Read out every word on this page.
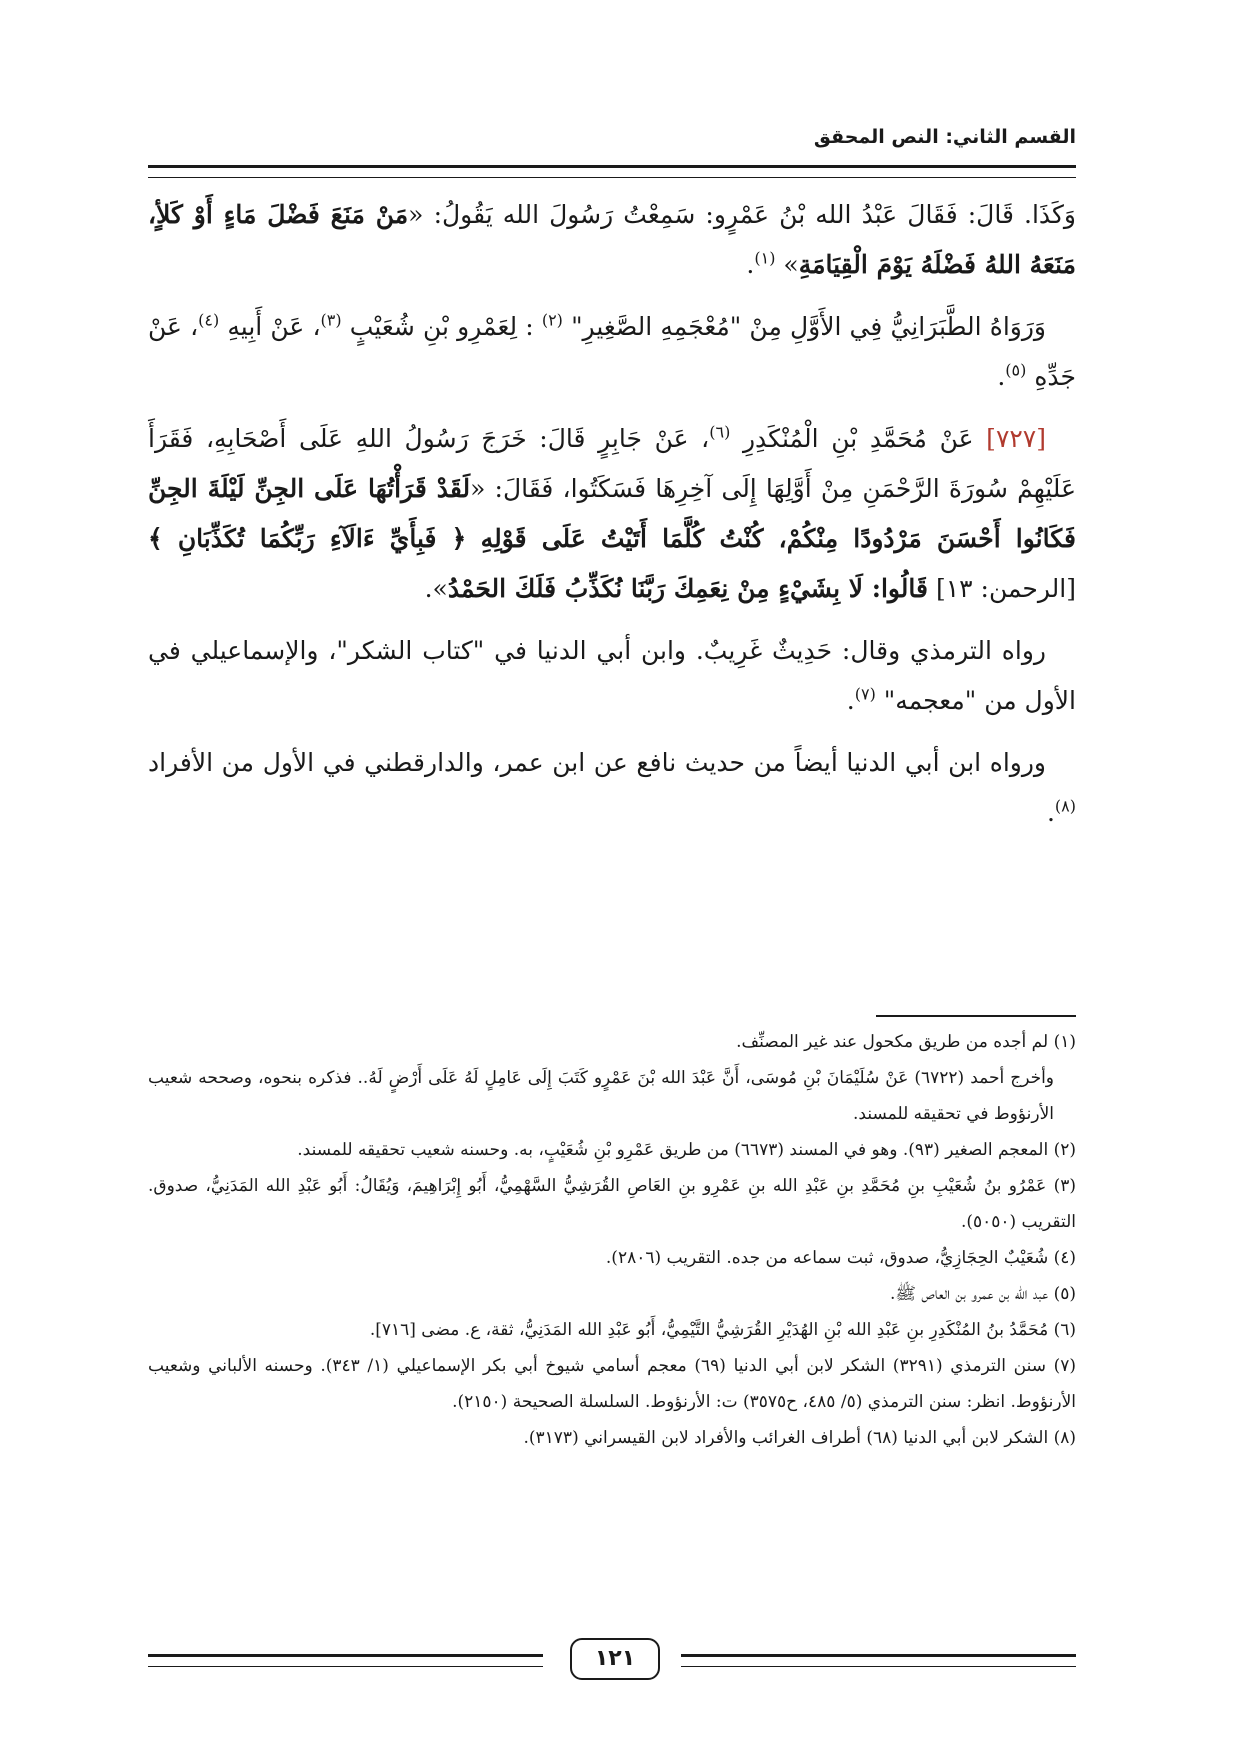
القسم الثاني: النص المحقق

وَكَذَا. قَالَ: فَقَالَ عَبْدُ الله بْنُ عَمْرٍو: سَمِعْتُ رَسُولَ الله يَقُولُ: «مَنْ مَنَعَ فَضْلَ مَاءٍ أَوْ كَلأٍ، مَنَعَهُ اللهُ فَضْلَهُ يَوْمَ الْقِيَامَةِ» $^{(١)}$.

وَرَوَاهُ الطَّبَرَانِيُّ فِي الأَوَّلِ مِنْ "مُعْجَمِهِ الصَّغِيرِ" $^{(٢)}$ : لِعَمْرِو بْنِ شُعَيْبٍ $^{(٣)}$، عَنْ أَبِيهِ $^{(٤)}$، عَنْ جَدِّهِ $^{(٥)}$.

[٧٢٧] عَنْ مُحَمَّدِ بْنِ الْمُنْكَدِرِ $^{(٦)}$، عَنْ جَابِرٍ قَالَ: خَرَجَ رَسُولُ اللهِ عَلَى أَصْحَابِهِ، فَقَرَأَ عَلَيْهِمْ سُورَةَ الرَّحْمَنِ مِنْ أَوَّلِهَا إِلَى آخِرِهَا فَسَكَتُوا، فَقَالَ: «لَقَدْ قَرَأْتُهَا عَلَى الجِنِّ لَيْلَةَ الجِنِّ فَكَانُوا أَحْسَنَ مَرْدُودًا مِنْكُمْ، كُنْتُ كُلَّمَا أَتَيْتُ عَلَى قَوْلِهِ ﴿ فَبِأَيِّ ءَالَآءِ رَبِّكُمَا تُكَذِّبَانِ ﴾ [الرحمن: ١٣] قَالُوا: لَا بِشَيْءٍ مِنْ نِعَمِكَ رَبَّنَا نُكَذِّبُ فَلَكَ الحَمْدُ».

رواه الترمذي وقال: حَدِيثٌ غَرِيبٌ. وابن أبي الدنيا في "كتاب الشكر"، والإسماعيلي في الأول من "معجمه" $^{(٧)}$.

ورواه ابن أبي الدنيا أيضاً من حديث نافع عن ابن عمر، والدارقطني في الأول من الأفراد $^{(٨)}$.

(١) لم أجده من طريق مكحول عند غير المصنِّف.

وأخرج أحمد (٦٧٢٢) عَنْ سُلَيْمَانَ بْنِ مُوسَى، أَنَّ عَبْدَ الله بْنَ عَمْرٍو كَتَبَ إِلَى عَامِلٍ لَهُ عَلَى أَرْضٍ لَهُ.. فذكره بنحوه، وصححه شعيب الأرنؤوط في تحقيقه للمسند.

(٢) المعجم الصغير (٩٣). وهو في المسند (٦٦٧٣) من طريق عَمْرِو بْنِ شُعَيْبٍ، به. وحسنه شعيب تحقيقه للمسند.

(٣) عَمْرُو بنُ شُعَيْبِ بنِ مُحَمَّدِ بنِ عَبْدِ الله بنِ عَمْرِو بنِ العَاصِ القُرَشِيُّ السَّهْمِيُّ، أَبُو إِبْرَاهِيمَ، وَيُقَالُ: أَبُو عَبْدِ الله المَدَنِيُّ، صدوق. التقريب (٥٠٥٠).

(٤) شُعَيْبٌ الحِجَازِيُّ، صدوق، ثبت سماعه من جده. التقريب (٢٨٠٦).

(٥) عبد الله بن عمرو بن العاص ﷺ.

(٦) مُحَمَّدُ بنُ المُنْكَدِرِ بنِ عَبْدِ الله بْنِ الهُدَيْرِ القُرَشِيُّ التَّيْمِيُّ، أَبُو عَبْدِ الله المَدَنِيُّ، ثقة، ع. مضى [٧١٦].

(٧) سنن الترمذي (٣٢٩١) الشكر لابن أبي الدنيا (٦٩) معجم أسامي شيوخ أبي بكر الإسماعيلي (١/ ٣٤٣). وحسنه الألباني وشعيب الأرنؤوط. انظر: سنن الترمذي (٥/ ٤٨٥، ح٣٥٧٥) ت: الأرنؤوط. السلسلة الصحيحة (٢١٥٠).

(٨) الشكر لابن أبي الدنيا (٦٨) أطراف الغرائب والأفراد لابن القيسراني (٣١٧٣).

١٢١
